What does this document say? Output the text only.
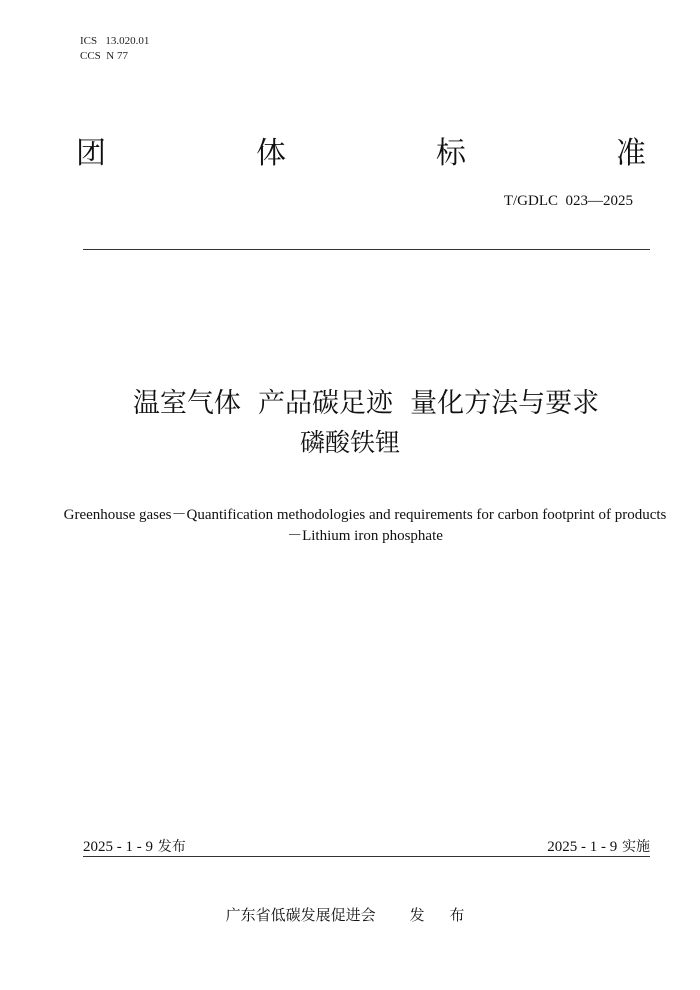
ICS   13.020.01
CCS  N 77
团	体	标	准
T/GDLC  023—2025
温室气体  产品碳足迹  量化方法与要求
磷酸铁锂
Greenhouse gases－Quantification methodologies and requirements for carbon footprint of products－Lithium iron phosphate
2025 - 1 - 9 发布	2025 - 1 - 9 实施
广东省低碳发展促进会 发 布
